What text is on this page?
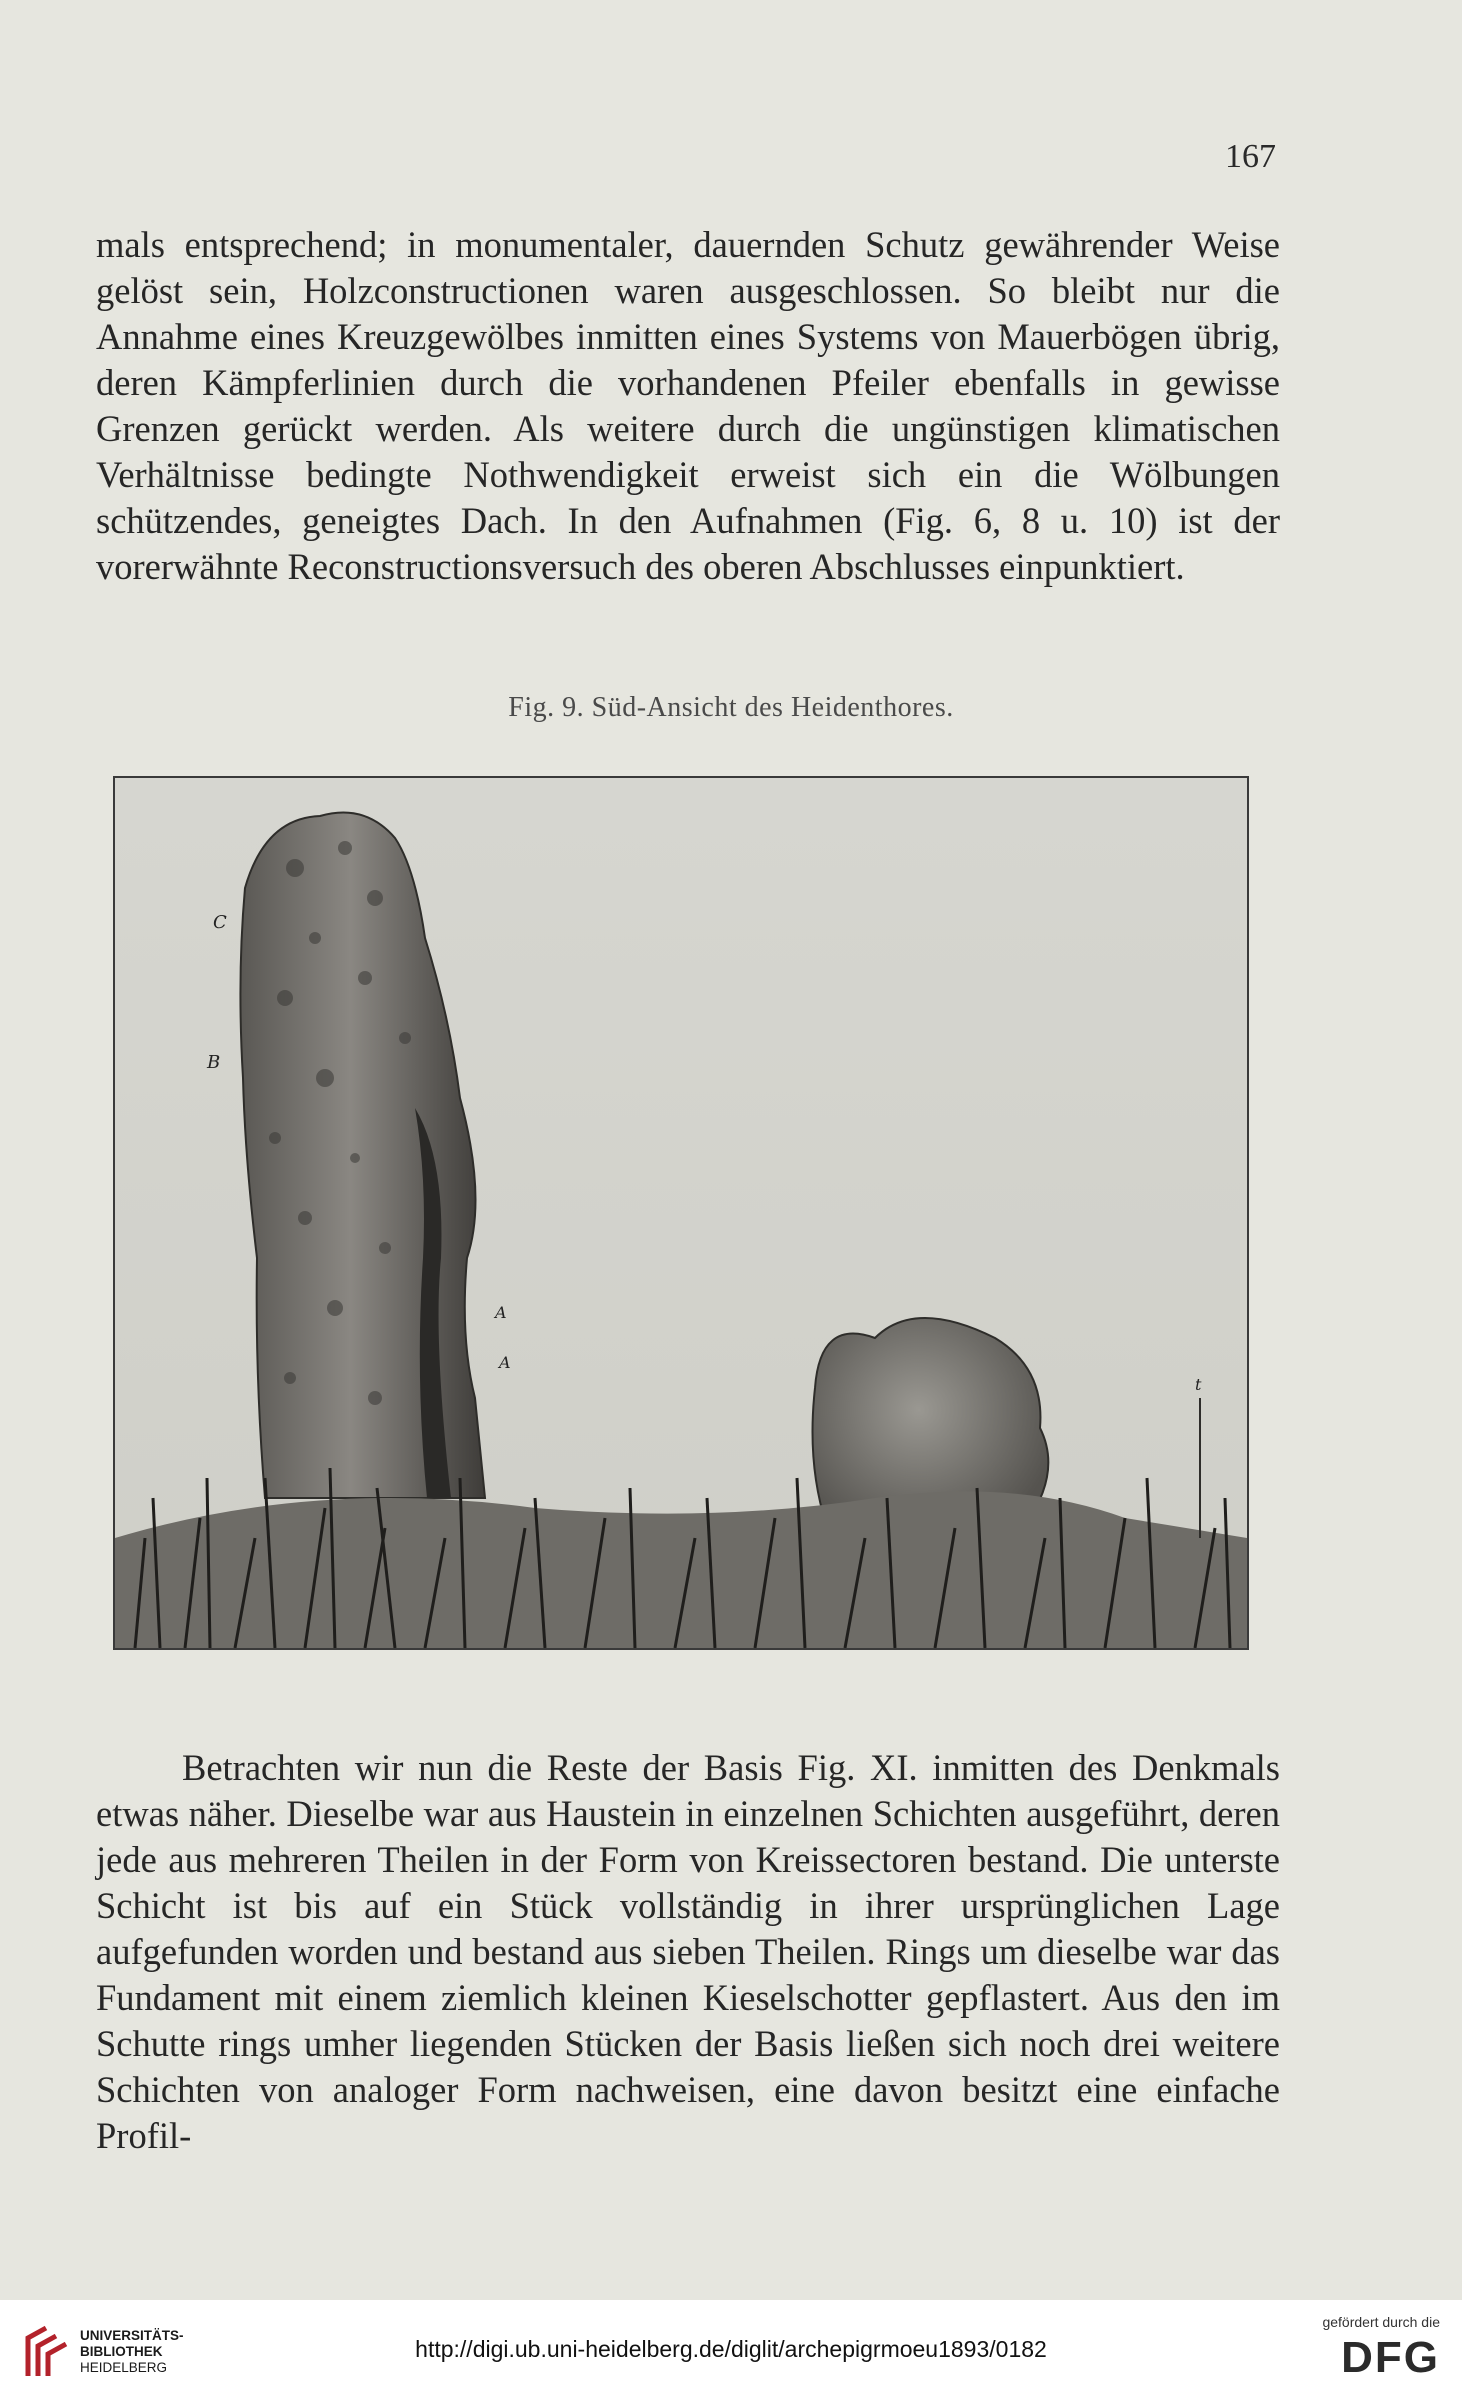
167

mals entsprechend; in monumentaler, dauernden Schutz gewährender Weise gelöst sein, Holzconstructionen waren ausgeschlossen. So bleibt nur die Annahme eines Kreuzgewölbes inmitten eines Systems von Mauerbögen übrig, deren Kämpferlinien durch die vorhandenen Pfeiler ebenfalls in gewisse Grenzen gerückt werden. Als weitere durch die ungünstigen klimatischen Verhältnisse bedingte Nothwendigkeit erweist sich ein die Wölbungen schützendes, geneigtes Dach. In den Aufnahmen (Fig. 6, 8 u. 10) ist der vorerwähnte Reconstructionsversuch des oberen Abschlusses einpunktiert.

Fig. 9. Süd-Ansicht des Heidenthores.
C
B
A
A
t

Betrachten wir nun die Reste der Basis Fig. XI. inmitten des Denkmals etwas näher. Dieselbe war aus Haustein in einzelnen Schichten ausgeführt, deren jede aus mehreren Theilen in der Form von Kreissectoren bestand. Die unterste Schicht ist bis auf ein Stück vollständig in ihrer ursprünglichen Lage aufgefunden worden und bestand aus sieben Theilen. Rings um dieselbe war das Fundament mit einem ziemlich kleinen Kieselschotter gepflastert. Aus den im Schutte rings umher liegenden Stücken der Basis ließen sich noch drei weitere Schichten von analoger Form nachweisen, eine davon besitzt eine einfache Profil-

UNIVERSITÄTS-
BIBLIOTHEK
HEIDELBERG
http://digi.ub.uni-heidelberg.de/diglit/archepigrmoeu1893/0182
gefördert durch die
DFG
